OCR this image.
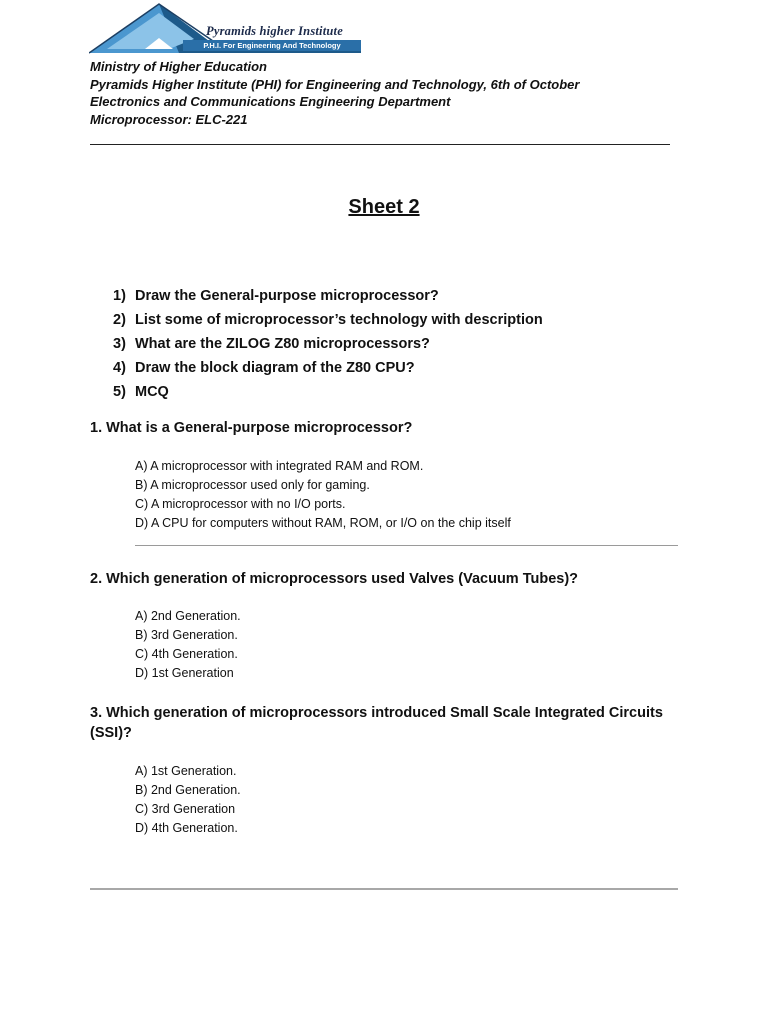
Pyramids higher Institute
P.H.I. For Engineering And Technology
Ministry of Higher Education
Pyramids Higher Institute (PHI) for Engineering and Technology, 6th of October
Electronics and Communications Engineering Department
Microprocessor: ELC-221
Sheet 2
1) Draw the General-purpose microprocessor?
2) List some of microprocessor’s technology with description
3) What are the ZILOG Z80 microprocessors?
4) Draw the block diagram of the Z80 CPU?
5) MCQ
1. What is a General-purpose microprocessor?
A) A microprocessor with integrated RAM and ROM.
B) A microprocessor used only for gaming.
C) A microprocessor with no I/O ports.
D) A CPU for computers without RAM, ROM, or I/O on the chip itself
2. Which generation of microprocessors used Valves (Vacuum Tubes)?
A) 2nd Generation.
B) 3rd Generation.
C) 4th Generation.
D) 1st Generation
3. Which generation of microprocessors introduced Small Scale Integrated Circuits (SSI)?
A) 1st Generation.
B) 2nd Generation.
C) 3rd Generation
D) 4th Generation.
